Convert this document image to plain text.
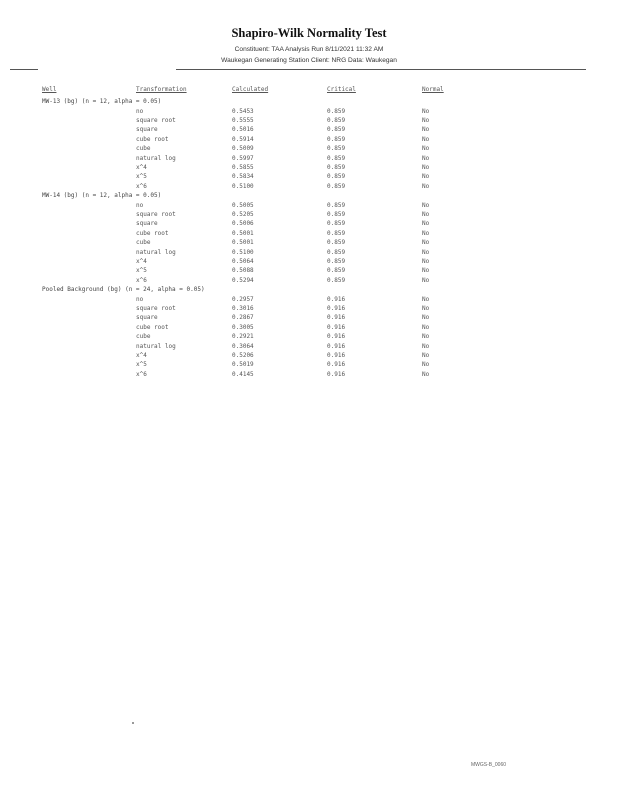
Shapiro-Wilk Normality Test
Constituent: TAA Analysis Run 8/11/2021 11:32 AM
Waukegan Generating Station Client: NRG Data: Waukegan
Well	Transformation	Calculated	Critical	Normal
MW-13 (bg) (n = 12, alpha = 0.05)
no	0.5453	0.859	No
square root	0.5555	0.859	No
square	0.5016	0.859	No
cube root	0.5914	0.859	No
cube	0.5009	0.859	No
natural log	0.5997	0.859	No
x^4	0.5855	0.859	No
x^5	0.5834	0.859	No
x^6	0.5100	0.859	No
MW-14 (bg) (n = 12, alpha = 0.05)
no	0.5005	0.859	No
square root	0.5205	0.859	No
square	0.5006	0.859	No
cube root	0.5001	0.859	No
cube	0.5001	0.859	No
natural log	0.5100	0.859	No
x^4	0.5064	0.859	No
x^5	0.5088	0.859	No
x^6	0.5294	0.859	No
Pooled Background (bg) (n = 24, alpha = 0.05)
no	0.2957	0.916	No
square root	0.3016	0.916	No
square	0.2867	0.916	No
cube root	0.3005	0.916	No
cube	0.2921	0.916	No
natural log	0.3064	0.916	No
x^4	0.5206	0.916	No
x^5	0.5019	0.916	No
x^6	0.4145	0.916	No
MWGS-B_0060
